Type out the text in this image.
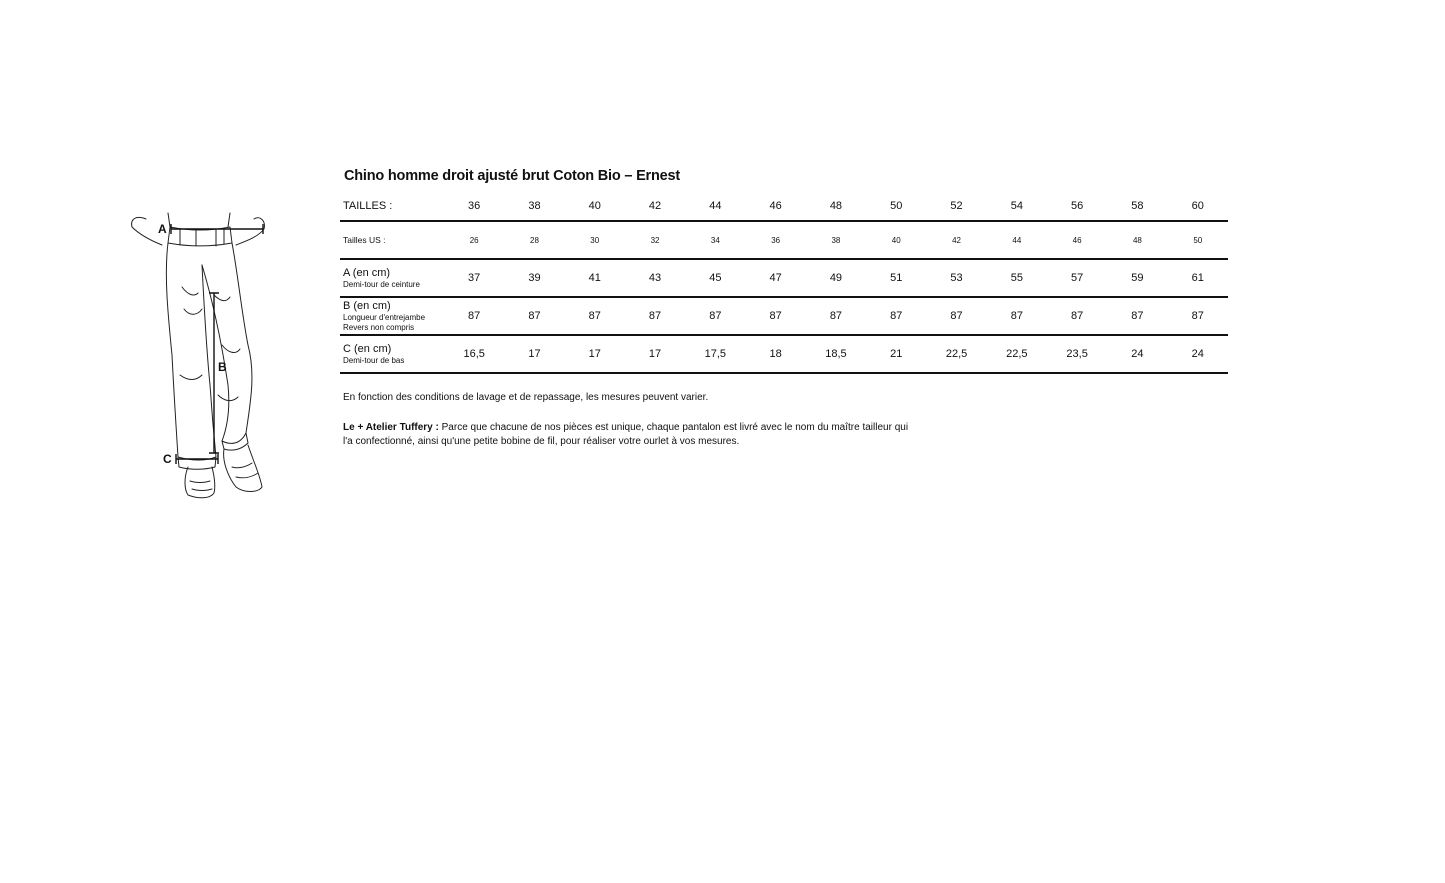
A
B
C
Chino homme droit ajusté brut Coton Bio – Ernest
TAILLES :	36	38	40	42	44	46	48	50	52	54	56	58	60
Tailles US :	26	28	30	32	34	36	38	40	42	44	46	48	50

A (en cm)
Demi-tour de ceinture	37	39	41	43	45	47	49	51	53	55	57	59	61

B (en cm)
Longueur d'entrejambe
Revers non compris	87	87	87	87	87	87	87	87	87	87	87	87	87

C (en cm)
Demi-tour de bas	16,5	17	17	17	17,5	18	18,5	21	22,5	22,5	23,5	24	24
En fonction des conditions de lavage et de repassage, les mesures peuvent varier.
Le + Atelier Tuffery : Parce que chacune de nos pièces est unique, chaque pantalon est livré avec le nom du maître tailleur qui l'a confectionné, ainsi qu'une petite bobine de fil, pour réaliser votre ourlet à vos mesures.
